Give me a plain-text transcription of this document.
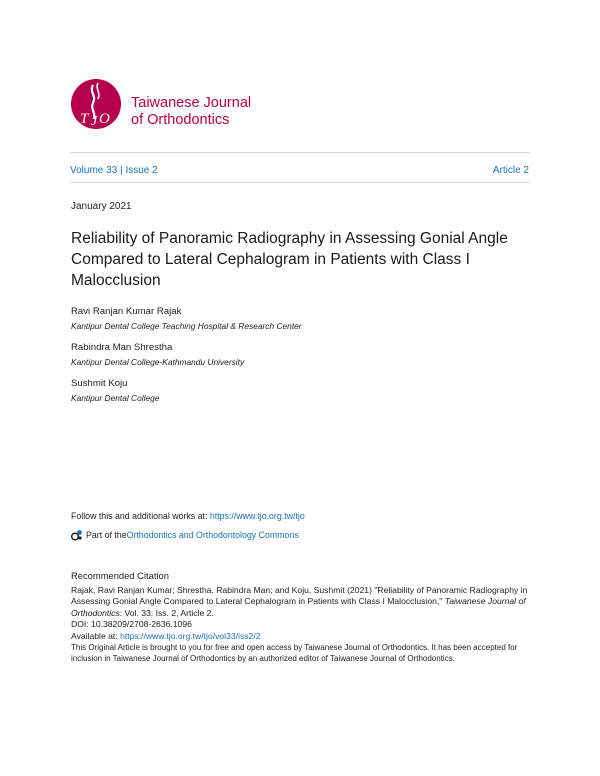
T J O
Taiwanese Journal
of Orthodontics
Volume 33 | Issue 2	Article 2
January 2021
Reliability of Panoramic Radiography in Assessing Gonial Angle Compared to Lateral Cephalogram in Patients with Class I Malocclusion
Ravi Ranjan Kumar Rajak
Kantipur Dental College Teaching Hospital & Research Center
Rabindra Man Shrestha
Kantipur Dental College-Kathmandu University
Sushmit Koju
Kantipur Dental College
Follow this and additional works at: https://www.tjo.org.tw/tjo
Part of the Orthodontics and Orthodontology Commons
Recommended Citation
Rajak, Ravi Ranjan Kumar; Shrestha, Rabindra Man; and Koju, Sushmit (2021) "Reliability of Panoramic Radiography in Assessing Gonial Angle Compared to Lateral Cephalogram in Patients with Class I Malocclusion," Taiwanese Journal of Orthodontics: Vol. 33: Iss. 2, Article 2.
DOI: 10.38209/2708-2636.1096
Available at: https://www.tjo.org.tw/tjo/vol33/iss2/2
This Original Article is brought to you for free and open access by Taiwanese Journal of Orthodontics. It has been accepted for inclusion in Taiwanese Journal of Orthodontics by an authorized editor of Taiwanese Journal of Orthodontics.
